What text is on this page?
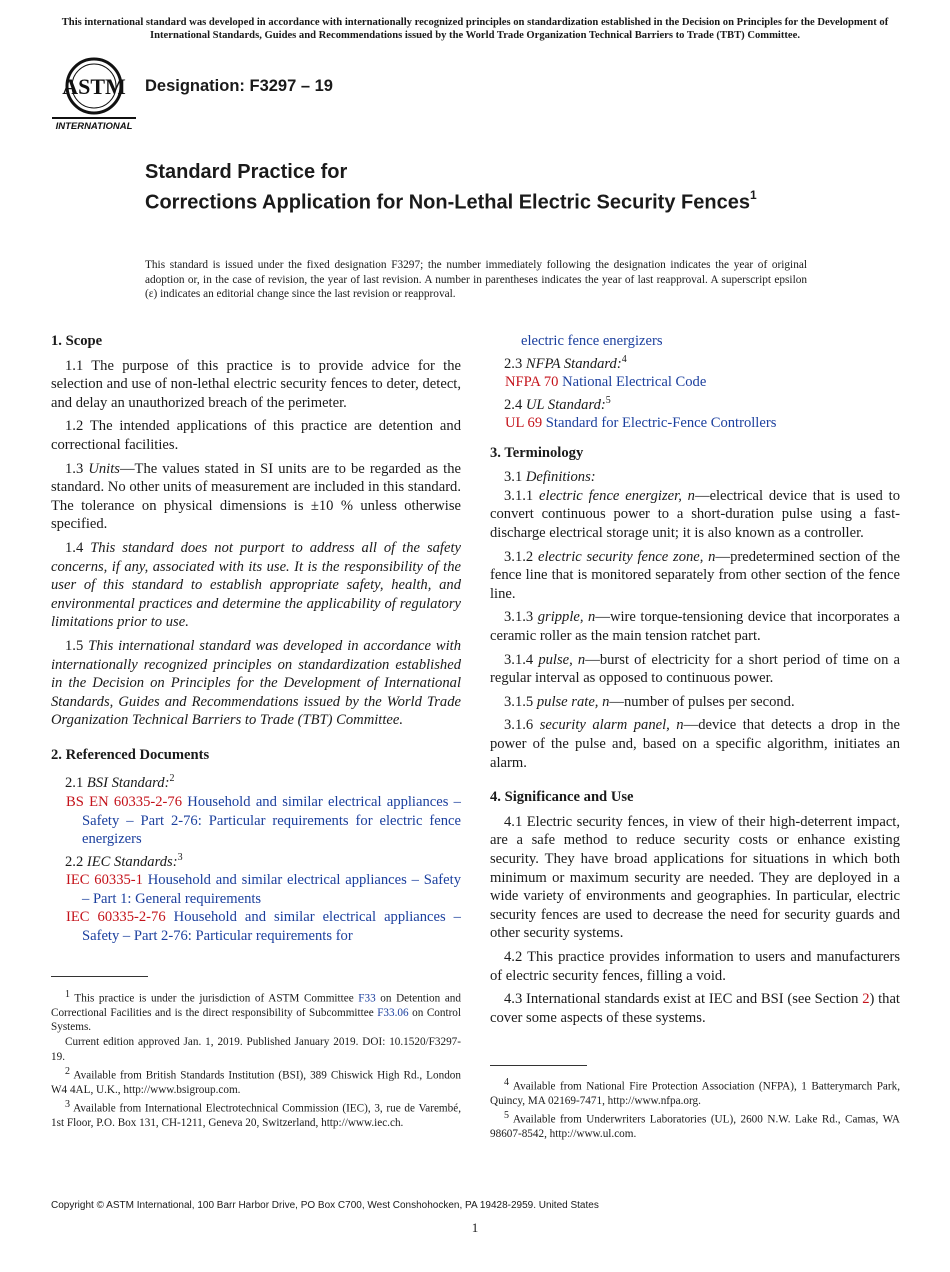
This international standard was developed in accordance with internationally recognized principles on standardization established in the Decision on Principles for the Development of International Standards, Guides and Recommendations issued by the World Trade Organization Technical Barriers to Trade (TBT) Committee.
ASTM
INTERNATIONAL
Designation: F3297 – 19
Standard Practice for
Corrections Application for Non-Lethal Electric Security Fences$^1$
This standard is issued under the fixed designation F3297; the number immediately following the designation indicates the year of original adoption or, in the case of revision, the year of last revision. A number in parentheses indicates the year of last reapproval. A superscript epsilon (ε) indicates an editorial change since the last revision or reapproval.
1. Scope

1.1 The purpose of this practice is to provide advice for the selection and use of non-lethal electric security fences to deter, detect, and delay an unauthorized breach of the perimeter.

1.2 The intended applications of this practice are detention and correctional facilities.

1.3 Units—The values stated in SI units are to be regarded as the standard. No other units of measurement are included in this standard. The tolerance on physical dimensions is ±10 % unless otherwise specified.

1.4 This standard does not purport to address all of the safety concerns, if any, associated with its use. It is the responsibility of the user of this standard to establish appropriate safety, health, and environmental practices and determine the applicability of regulatory limitations prior to use.

1.5 This international standard was developed in accordance with internationally recognized principles on standardization established in the Decision on Principles for the Development of International Standards, Guides and Recommendations issued by the World Trade Organization Technical Barriers to Trade (TBT) Committee.

2. Referenced Documents

2.1 BSI Standard:$^2$

BS EN 60335-2-76 Household and similar electrical appliances – Safety – Part 2-76: Particular requirements for electric fence energizers

2.2 IEC Standards:$^3$

IEC 60335-1 Household and similar electrical appliances – Safety – Part 1: General requirements

IEC 60335-2-76 Household and similar electrical appliances – Safety – Part 2-76: Particular requirements for

$^1$ This practice is under the jurisdiction of ASTM Committee F33 on Detention and Correctional Facilities and is the direct responsibility of Subcommittee F33.06 on Control Systems.

Current edition approved Jan. 1, 2019. Published January 2019. DOI: 10.1520/F3297-19.

$^2$ Available from British Standards Institution (BSI), 389 Chiswick High Rd., London W4 4AL, U.K., http://www.bsigroup.com.

$^3$ Available from International Electrotechnical Commission (IEC), 3, rue de Varembé, 1st Floor, P.O. Box 131, CH-1211, Geneva 20, Switzerland, http://www.iec.ch.

electric fence energizers

2.3 NFPA Standard:$^4$

NFPA 70 National Electrical Code

2.4 UL Standard:$^5$

UL 69 Standard for Electric-Fence Controllers

3. Terminology

3.1 Definitions:

3.1.1 electric fence energizer, n—electrical device that is used to convert continuous power to a short-duration pulse using a fast-discharge electrical storage unit; it is also known as a controller.

3.1.2 electric security fence zone, n—predetermined section of the fence line that is monitored separately from other section of the fence line.

3.1.3 gripple, n—wire torque-tensioning device that incorporates a ceramic roller as the main tension ratchet part.

3.1.4 pulse, n—burst of electricity for a short period of time on a regular interval as opposed to continuous power.

3.1.5 pulse rate, n—number of pulses per second.

3.1.6 security alarm panel, n—device that detects a drop in the power of the pulse and, based on a specific algorithm, initiates an alarm.

4. Significance and Use

4.1 Electric security fences, in view of their high-deterrent impact, are a safe method to reduce security costs or enhance existing security. They have broad applications for situations in which both minimum or maximum security are needed. They are deployed in a wide variety of environments and geographies. In particular, electric security fences are used to decrease the need for security guards and other security systems.

4.2 This practice provides information to users and manufacturers of electric security fences, filling a void.

4.3 International standards exist at IEC and BSI (see Section 2) that cover some aspects of these systems.

$^4$ Available from National Fire Protection Association (NFPA), 1 Batterymarch Park, Quincy, MA 02169-7471, http://www.nfpa.org.

$^5$ Available from Underwriters Laboratories (UL), 2600 N.W. Lake Rd., Camas, WA 98607-8542, http://www.ul.com.

Copyright © ASTM International, 100 Barr Harbor Drive, PO Box C700, West Conshohocken, PA 19428-2959. United States
1
